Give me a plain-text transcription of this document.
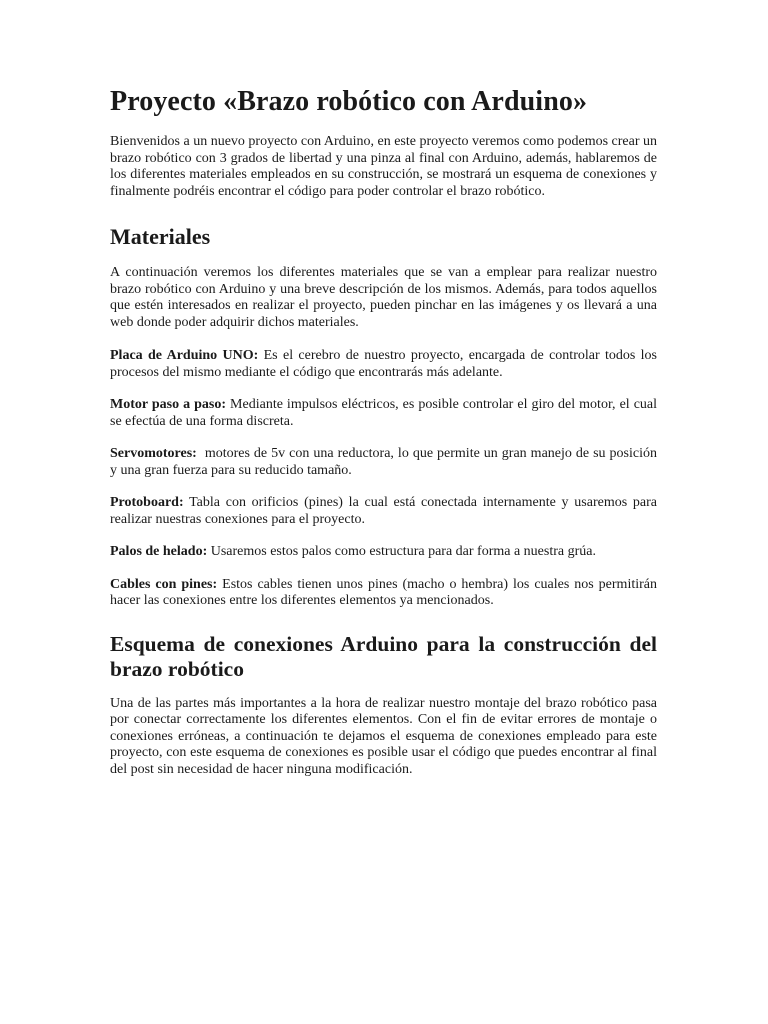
Proyecto «Brazo robótico con Arduino»

Bienvenidos a un nuevo proyecto con Arduino, en este proyecto veremos como podemos crear un brazo robótico con 3 grados de libertad y una pinza al final con Arduino, además, hablaremos de los diferentes materiales empleados en su construcción, se mostrará un esquema de conexiones y finalmente podréis encontrar el código para poder controlar el brazo robótico.

Materiales

A continuación veremos los diferentes materiales que se van a emplear para realizar nuestro brazo robótico con Arduino y una breve descripción de los mismos. Además, para todos aquellos que estén interesados en realizar el proyecto, pueden pinchar en las imágenes y os llevará a una web donde poder adquirir dichos materiales.

Placa de Arduino UNO: Es el cerebro de nuestro proyecto, encargada de controlar todos los procesos del mismo mediante el código que encontrarás más adelante.

Motor paso a paso: Mediante impulsos eléctricos, es posible controlar el giro del motor, el cual se efectúa de una forma discreta.

Servomotores:  motores de 5v con una reductora, lo que permite un gran manejo de su posición y una gran fuerza para su reducido tamaño.

Protoboard: Tabla con orificios (pines) la cual está conectada internamente y usaremos para realizar nuestras conexiones para el proyecto.

Palos de helado: Usaremos estos palos como estructura para dar forma a nuestra grúa.

Cables con pines: Estos cables tienen unos pines (macho o hembra) los cuales nos permitirán hacer las conexiones entre los diferentes elementos ya mencionados.

Esquema de conexiones Arduino para la construcción del brazo robótico

Una de las partes más importantes a la hora de realizar nuestro montaje del brazo robótico pasa por conectar correctamente los diferentes elementos. Con el fin de evitar errores de montaje o conexiones erróneas, a continuación te dejamos el esquema de conexiones empleado para este proyecto, con este esquema de conexiones es posible usar el código que puedes encontrar al final del post sin necesidad de hacer ninguna modificación.
